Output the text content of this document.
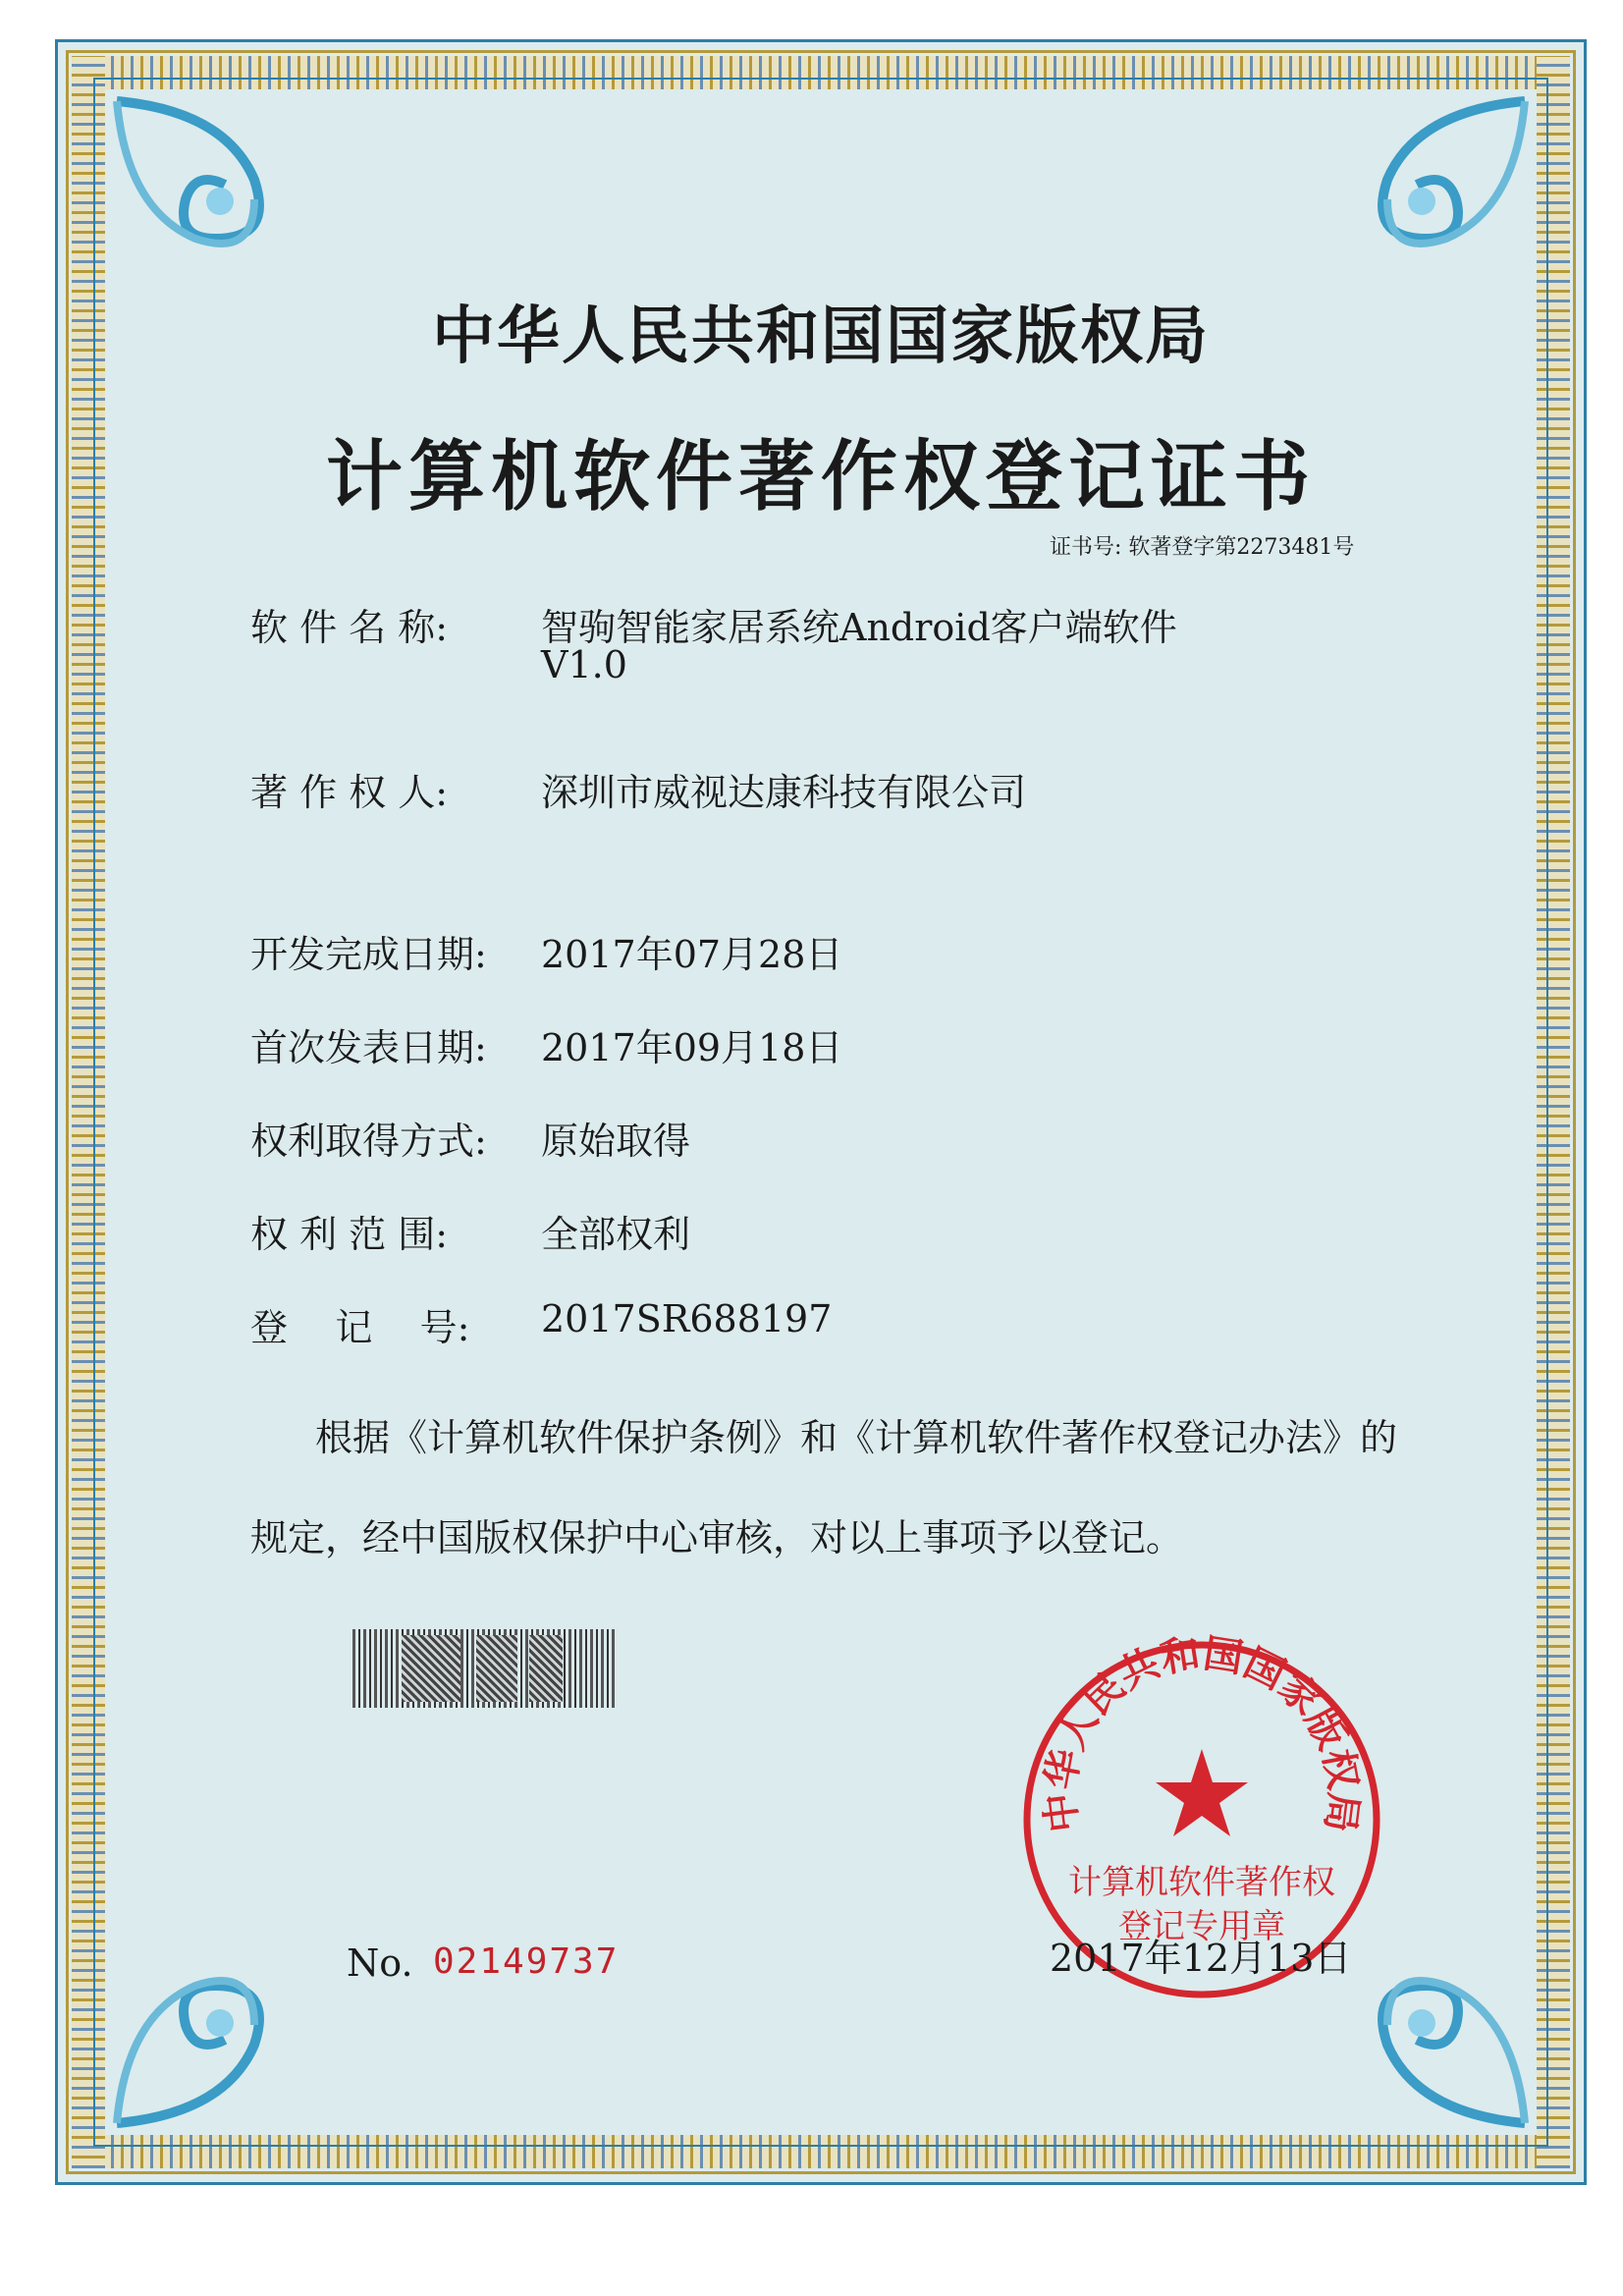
中华人民共和国国家版权局
计算机软件著作权登记证书
证书号: 软著登字第2273481号
软 件 名 称: 智驹智能家居系统Android客户端软件
V1.0
著 作 权 人: 深圳市威视达康科技有限公司
开发完成日期: 2017年07月28日
首次发表日期: 2017年09月18日
权利取得方式: 原始取得
权 利 范 围: 全部权利
登    记    号: 2017SR688197
根据《计算机软件保护条例》和《计算机软件著作权登记办法》的
规定，经中国版权保护中心审核，对以上事项予以登记。
中华人民共和国国家版权局
计算机软件著作权
登记专用章
No. 02149737	2017年12月13日
